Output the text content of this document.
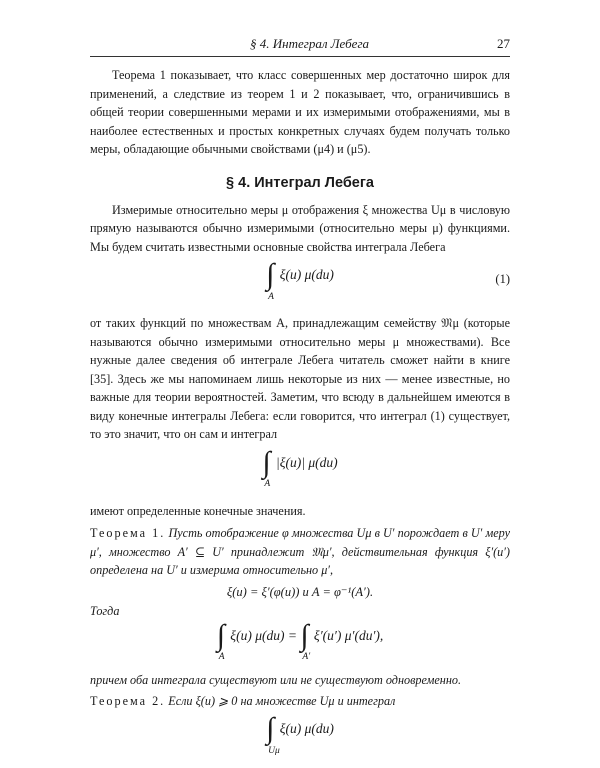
§ 4. Интеграл Лебега	27

Теорема 1 показывает, что класс совершенных мер достаточно широк для применений, а следствие из теорем 1 и 2 показывает, что, ограничившись в общей теории совершенными мерами и их измеримыми отображениями, мы в наиболее естественных и простых конкретных случаях будем получать только меры, обладающие обычными свойствами (μ4) и (μ5).

§ 4. Интеграл Лебега

Измеримые относительно меры μ отображения ξ множества Uμ в числовую прямую называются обычно измеримыми (относительно меры μ) функциями. Мы будем считать известными основные свойства интеграла Лебега

∫
A
ξ(u) μ(du)	(1)

от таких функций по множествам A, принадлежащим семейству 𝔐μ (которые называются обычно измеримыми относительно меры μ множествами). Все нужные далее сведения об интеграле Лебега читатель сможет найти в книге [35]. Здесь же мы напоминаем лишь некоторые из них — менее известные, но важные для теории вероятностей. Заметим, что всюду в дальнейшем имеются в виду конечные интегралы Лебега: если говорится, что интеграл (1) существует, то это значит, что он сам и интеграл

∫
A
|ξ(u)| μ(du)

имеют определенные конечные значения.

Теорема 1. Пусть отображение φ множества Uμ в U′ порождает в U′ меру μ′, множество A′ ⊆ U′ принадлежит 𝔐μ′, действительная функция ξ′(u′) определена на U′ и измерима относительно μ′,
ξ(u) = ξ′(φ(u)) и A = φ⁻¹(A′).
Тогда
∫
A
ξ(u) μ(du) = ∫
A′
ξ′(u′) μ′(du′),
причем оба интеграла существуют или не существуют одновременно.
Теорема 2. Если ξ(u) ⩾ 0 на множестве Uμ и интеграл
∫
Uμ
ξ(u) μ(du)
